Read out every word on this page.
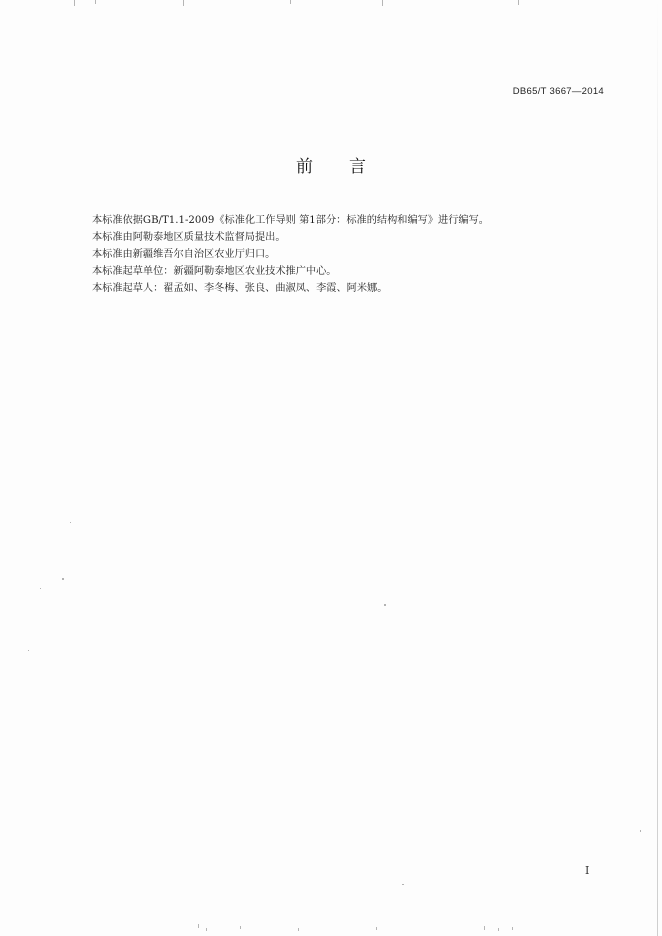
DB65/T 3667—2014
前 言

本标准依据GB/T1.1-2009《标准化工作导则 第1部分：标准的结构和编写》进行编写。

本标准由阿勒泰地区质量技术监督局提出。

本标准由新疆维吾尔自治区农业厅归口。

本标准起草单位：新疆阿勒泰地区农业技术推广中心。

本标准起草人：翟孟如、李冬梅、张良、曲淑凤、李霞、阿米娜。

I
